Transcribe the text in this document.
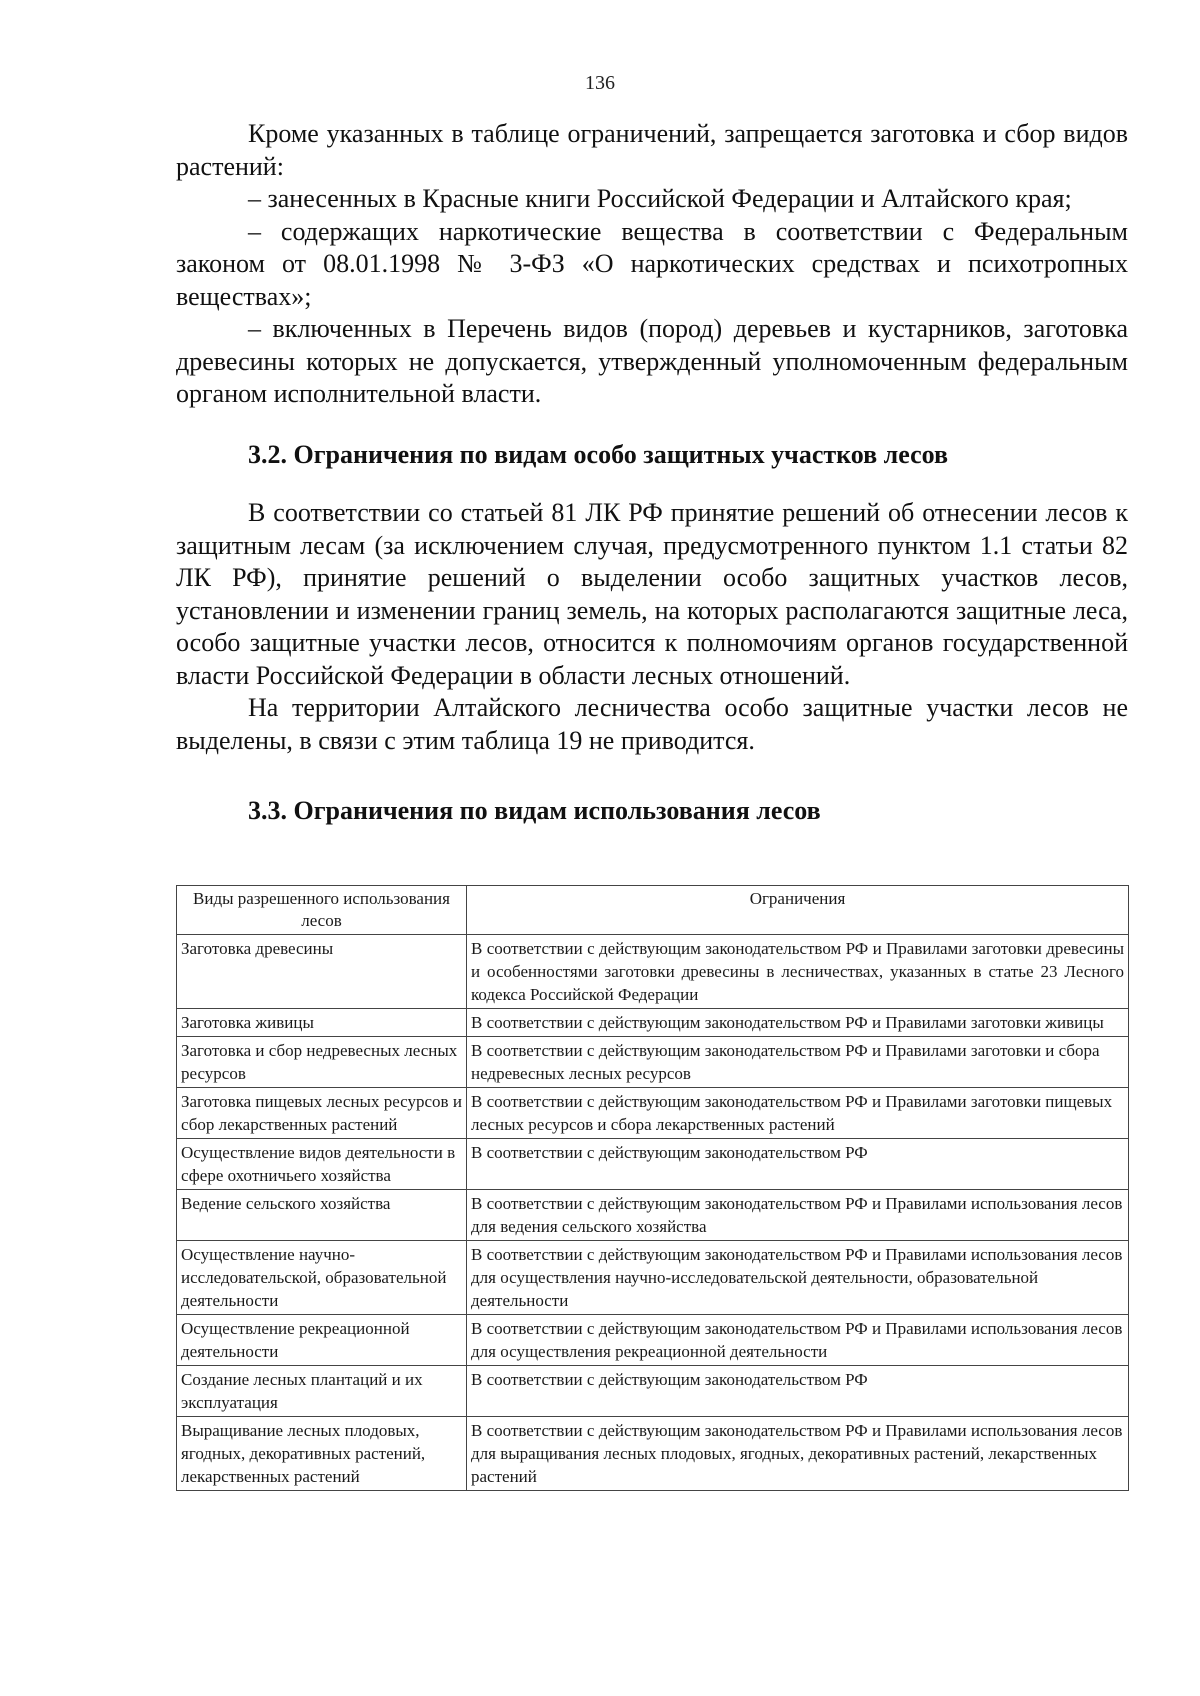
136

Кроме указанных в таблице ограничений, запрещается заготовка и сбор видов растений:

– занесенных в Красные книги Российской Федерации и Алтайского края;

– содержащих наркотические вещества в соответствии с Федеральным законом от 08.01.1998 № 3-ФЗ «О наркотических средствах и психотропных веществах»;

– включенных в Перечень видов (пород) деревьев и кустарников, заготовка древесины которых не допускается, утвержденный уполномоченным федеральным органом исполнительной власти.

3.2. Ограничения по видам особо защитных участков лесов

В соответствии со статьей 81 ЛК РФ принятие решений об отнесении лесов к защитным лесам (за исключением случая, предусмотренного пунктом 1.1 статьи 82 ЛК РФ), принятие решений о выделении особо защитных участков лесов, установлении и изменении границ земель, на которых располагаются защитные леса, особо защитные участки лесов, относится к полномочиям органов государственной власти Российской Федерации в области лесных отношений.

На территории Алтайского лесничества особо защитные участки лесов не выделены, в связи с этим таблица 19 не приводится.

3.3. Ограничения по видам использования лесов
Виды разрешенного использования лесов	Ограничения
Заготовка древесины	В соответствии с действующим законодательством РФ и Правилами заготовки древесины и особенностями заготовки древесины в лесничествах, указанных в статье 23 Лесного кодекса Российской Федерации
Заготовка живицы	В соответствии с действующим законодательством РФ и Правилами заготовки живицы
Заготовка и сбор недревесных лесных ресурсов	В соответствии с действующим законодательством РФ и Правилами заготовки и сбора недревесных лесных ресурсов
Заготовка пищевых лесных ресурсов и сбор лекарственных растений	В соответствии с действующим законодательством РФ и Правилами заготовки пищевых лесных ресурсов и сбора лекарственных растений
Осуществление видов деятельности в сфере охотничьего хозяйства	В соответствии с действующим законодательством РФ
Ведение сельского хозяйства	В соответствии с действующим законодательством РФ и Правилами использования лесов для ведения сельского хозяйства
Осуществление научно-исследовательской, образовательной деятельности	В соответствии с действующим законодательством РФ и Правилами использования лесов для осуществления научно-исследовательской деятельности, образовательной деятельности
Осуществление рекреационной деятельности	В соответствии с действующим законодательством РФ и Правилами использования лесов для осуществления рекреационной деятельности
Создание лесных плантаций и их эксплуатация	В соответствии с действующим законодательством РФ
Выращивание лесных плодовых, ягодных, декоративных растений, лекарственных растений	В соответствии с действующим законодательством РФ и Правилами использования лесов для выращивания лесных плодовых, ягодных, декоративных растений, лекарственных растений
